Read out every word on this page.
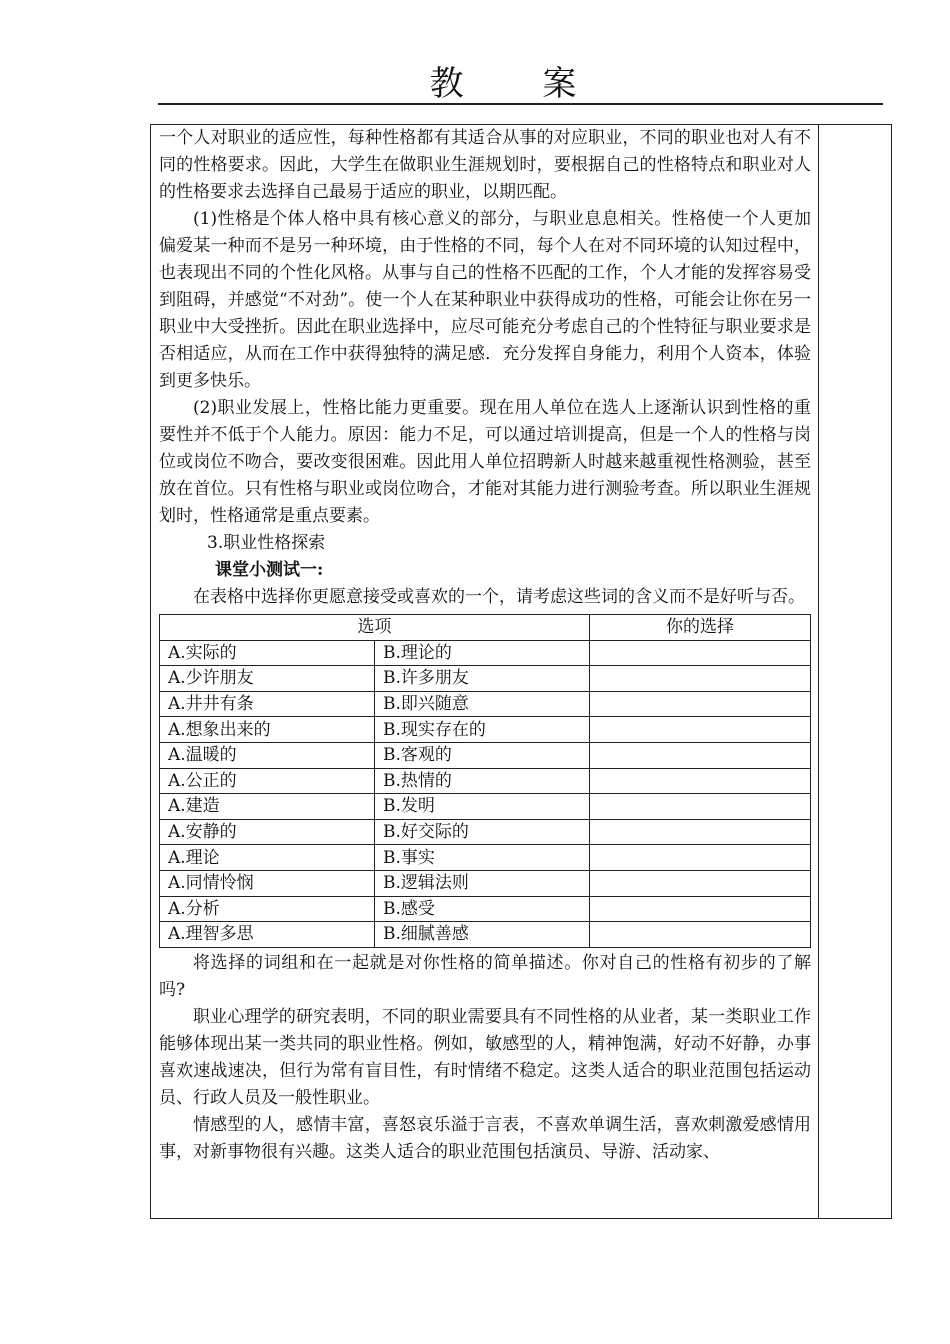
教 案

一个人对职业的适应性，每种性格都有其适合从事的对应职业，不同的职业也对人有不同的性格要求。因此，大学生在做职业生涯规划时，要根据自己的性格特点和职业对人的性格要求去选择自己最易于适应的职业，以期匹配。

(1)性格是个体人格中具有核心意义的部分，与职业息息相关。性格使一个人更加偏爱某一种而不是另一种环境，由于性格的不同，每个人在对不同环境的认知过程中，也表现出不同的个性化风格。从事与自己的性格不匹配的工作，个人才能的发挥容易受到阻碍，并感觉“不对劲”。使一个人在某种职业中获得成功的性格，可能会让你在另一职业中大受挫折。因此在职业选择中，应尽可能充分考虑自己的个性特征与职业要求是否相适应，从而在工作中获得独特的满足感．充分发挥自身能力，利用个人资本，体验到更多快乐。

(2)职业发展上，性格比能力更重要。现在用人单位在选人上逐渐认识到性格的重要性并不低于个人能力。原因：能力不足，可以通过培训提高，但是一个人的性格与岗位或岗位不吻合，要改变很困难。因此用人单位招聘新人时越来越重视性格测验，甚至放在首位。只有性格与职业或岗位吻合，才能对其能力进行测验考查。所以职业生涯规划时，性格通常是重点要素。

3.职业性格探索

课堂小测试一:

在表格中选择你更愿意接受或喜欢的一个，请考虑这些词的含义而不是好听与否。

选项		你的选择
A.实际的	B.理论的	
A.少许朋友	B.许多朋友	
A.井井有条	B.即兴随意	
A.想象出来的	B.现实存在的	
A.温暖的	B.客观的	
A.公正的	B.热情的	
A.建造	B.发明	
A.安静的	B.好交际的	
A.理论	B.事实	
A.同情怜悯	B.逻辑法则	
A.分析	B.感受	
A.理智多思	B.细腻善感	

将选择的词组和在一起就是对你性格的简单描述。你对自己的性格有初步的了解吗?

职业心理学的研究表明，不同的职业需要具有不同性格的从业者，某一类职业工作能够体现出某一类共同的职业性格。例如，敏感型的人，精神饱满，好动不好静，办事喜欢速战速决，但行为常有盲目性，有时情绪不稳定。这类人适合的职业范围包括运动员、行政人员及一般性职业。

情感型的人，感情丰富，喜怒哀乐溢于言表，不喜欢单调生活，喜欢刺激爱感情用事，对新事物很有兴趣。这类人适合的职业范围包括演员、导游、活动家、
